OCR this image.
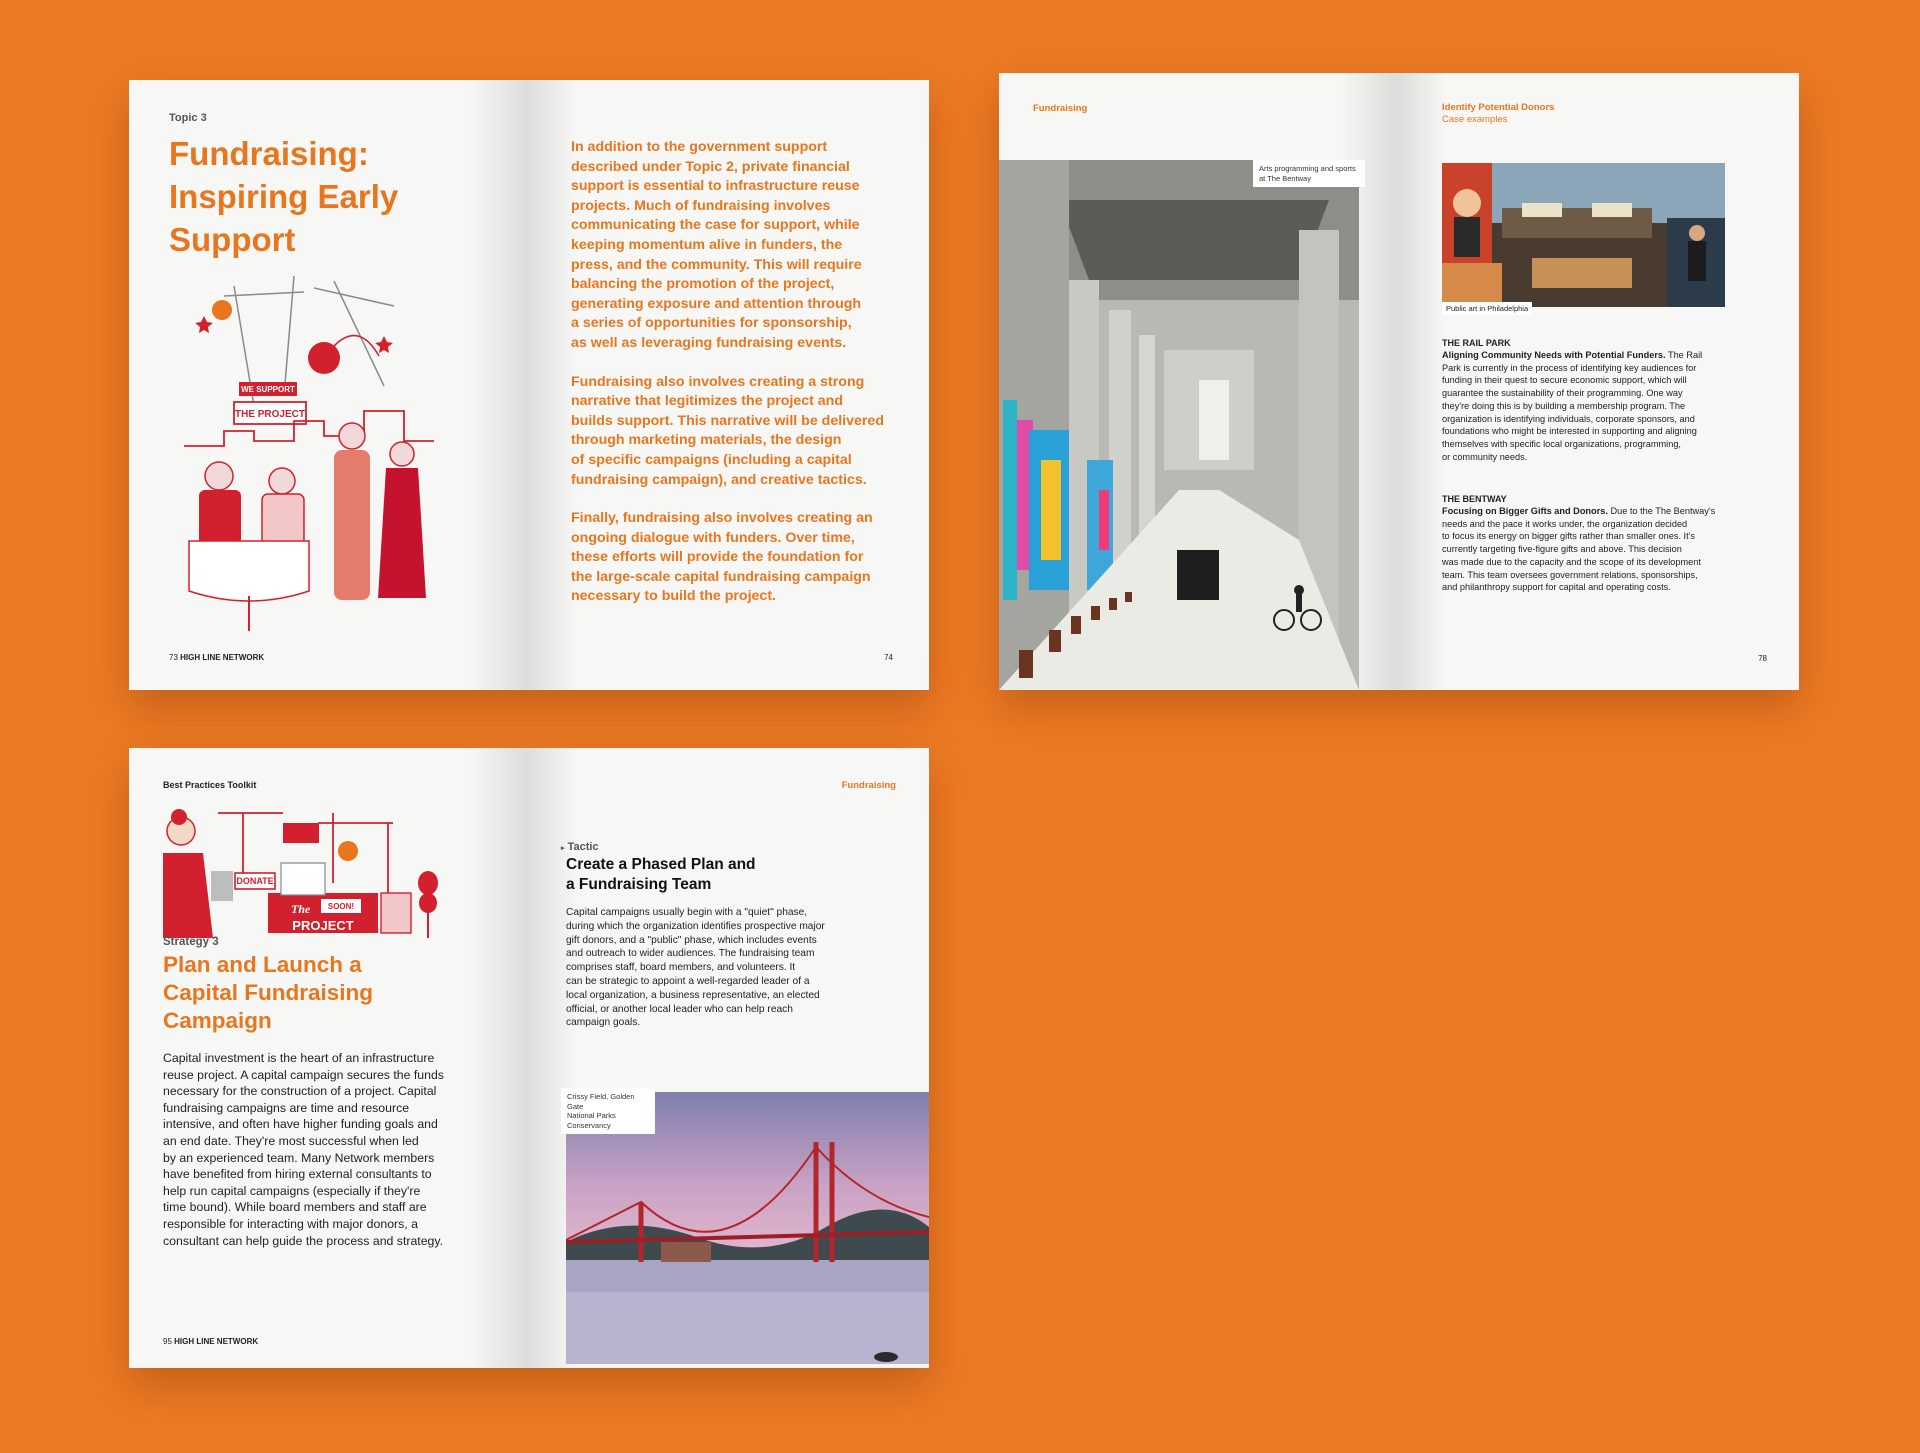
Topic 3
Fundraising:
Inspiring Early
Support
WE SUPPORT
THE PROJECT
73 HIGH LINE NETWORK
In addition to the government support
described under Topic 2, private financial
support is essential to infrastructure reuse
projects. Much of fundraising involves
communicating the case for support, while
keeping momentum alive in funders, the
press, and the community. This will require
balancing the promotion of the project,
generating exposure and attention through
a series of opportunities for sponsorship,
as well as leveraging fundraising events.
Fundraising also involves creating a strong
narrative that legitimizes the project and
builds support. This narrative will be delivered
through marketing materials, the design
of specific campaigns (including a capital
fundraising campaign), and creative tactics.
Finally, fundraising also involves creating an
ongoing dialogue with funders. Over time,
these efforts will provide the foundation for
the large-scale capital fundraising campaign
necessary to build the project.
74
Fundraising
Arts programming and sports
at The Bentway
Identify Potential Donors
Case examples
Public art in Philadelphia
THE RAIL PARK
Aligning Community Needs with Potential Funders. The Rail
Park is currently in the process of identifying key audiences for
funding in their quest to secure economic support, which will
guarantee the sustainability of their programming. One way
they're doing this is by building a membership program. The
organization is identifying individuals, corporate sponsors, and
foundations who might be interested in supporting and aligning
themselves with specific local organizations, programming,
or community needs.
THE BENTWAY
Focusing on Bigger Gifts and Donors. Due to the The Bentway's
needs and the pace it works under, the organization decided
to focus its energy on bigger gifts rather than smaller ones. It's
currently targeting five-figure gifts and above. This decision
was made due to the capacity and the scope of its development
team. This team oversees government relations, sponsorships,
and philanthropy support for capital and operating costs.
78
Best Practices Toolkit
DONATE
The SOON!
PROJECT
Strategy 3
Plan and Launch a
Capital Fundraising
Campaign
Capital investment is the heart of an infrastructure
reuse project. A capital campaign secures the funds
necessary for the construction of a project. Capital
fundraising campaigns are time and resource
intensive, and often have higher funding goals and
an end date. They're most successful when led
by an experienced team. Many Network members
have benefited from hiring external consultants to
help run capital campaigns (especially if they're
time bound). While board members and staff are
responsible for interacting with major donors, a
consultant can help guide the process and strategy.
95 HIGH LINE NETWORK
Fundraising
▸ Tactic
Create a Phased Plan and
a Fundraising Team
Capital campaigns usually begin with a "quiet" phase,
during which the organization identifies prospective major
gift donors, and a "public" phase, which includes events
and outreach to wider audiences. The fundraising team
comprises staff, board members, and volunteers. It
can be strategic to appoint a well-regarded leader of a
local organization, a business representative, an elected
official, or another local leader who can help reach
campaign goals.
Crissy Field, Golden Gate
National Parks Conservancy
